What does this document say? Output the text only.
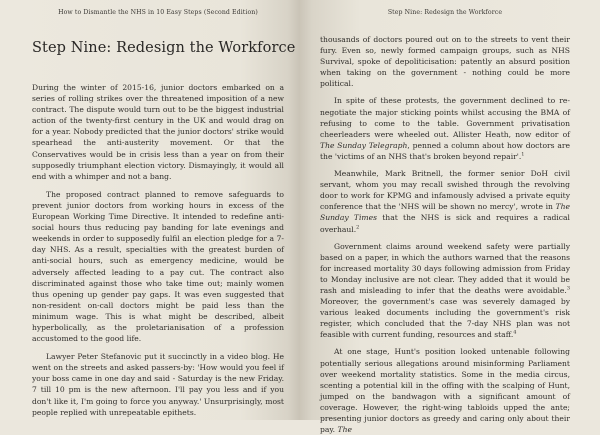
How to Dismantle the NHS in 10 Easy Steps (Second Edition)
Step Nine: Redesign the Workforce

During the winter of 2015-16, junior doctors embarked on a series of rolling strikes over the threatened imposition of a new contract. The dispute would turn out to be the biggest industrial action of the twenty-first century in the UK and would drag on for a year. Nobody predicted that the junior doctors' strike would spearhead the anti-austerity movement. Or that the Conservatives would be in crisis less than a year on from their supposedly triumphant election victory. Dismayingly, it would all end with a whimper and not a bang.

The proposed contract planned to remove safeguards to prevent junior doctors from working hours in excess of the European Working Time Directive. It intended to redefine anti-social hours thus reducing pay banding for late evenings and weekends in order to supposedly fulfil an election pledge for a 7-day NHS. As a result, specialties with the greatest burden of anti-social hours, such as emergency medicine, would be adversely affected leading to a pay cut. The contract also discriminated against those who take time out; mainly women thus opening up gender pay gaps. It was even suggested that non-resident on-call doctors might be paid less than the minimum wage. This is what might be described, albeit hyperbolically, as the proletarianisation of a profession accustomed to the good life.

Lawyer Peter Stefanovic put it succinctly in a video blog. He went on the streets and asked passers-by: 'How would you feel if your boss came in one day and said - Saturday is the new Friday. 7 till 10 pm is the new afternoon. I'll pay you less and if you don't like it, I'm going to force you anyway.' Unsurprisingly, most people replied with unrepeatable epithets.

Step Nine: Redesign the Workforce

thousands of doctors poured out on to the streets to vent their fury. Even so, newly formed campaign groups, such as NHS Survival, spoke of depoliticisation: patently an absurd position when taking on the government - nothing could be more political.

In spite of these protests, the government declined to re-negotiate the major sticking points whilst accusing the BMA of refusing to come to the table. Government privatisation cheerleaders were wheeled out. Allister Heath, now editor of The Sunday Telegraph, penned a column about how doctors are the 'victims of an NHS that's broken beyond repair'.$^1$

Meanwhile, Mark Britnell, the former senior DoH civil servant, whom you may recall swished through the revolving door to work for KPMG and infamously advised a private equity conference that the 'NHS will be shown no mercy', wrote in The Sunday Times that the NHS is sick and requires a radical overhaul.$^2$

Government claims around weekend safety were partially based on a paper, in which the authors warned that the reasons for increased mortality 30 days following admission from Friday to Monday inclusive are not clear. They added that it would be rash and misleading to infer that the deaths were avoidable.$^3$ Moreover, the government's case was severely damaged by various leaked documents including the government's risk register, which concluded that the 7-day NHS plan was not feasible with current funding, resources and staff.$^4$

At one stage, Hunt's position looked untenable following potentially serious allegations around misinforming Parliament over weekend mortality statistics. Some in the media circus, scenting a potential kill in the offing with the scalping of Hunt, jumped on the bandwagon with a significant amount of coverage. However, the right-wing tabloids upped the ante; presenting junior doctors as greedy and caring only about their pay. The
